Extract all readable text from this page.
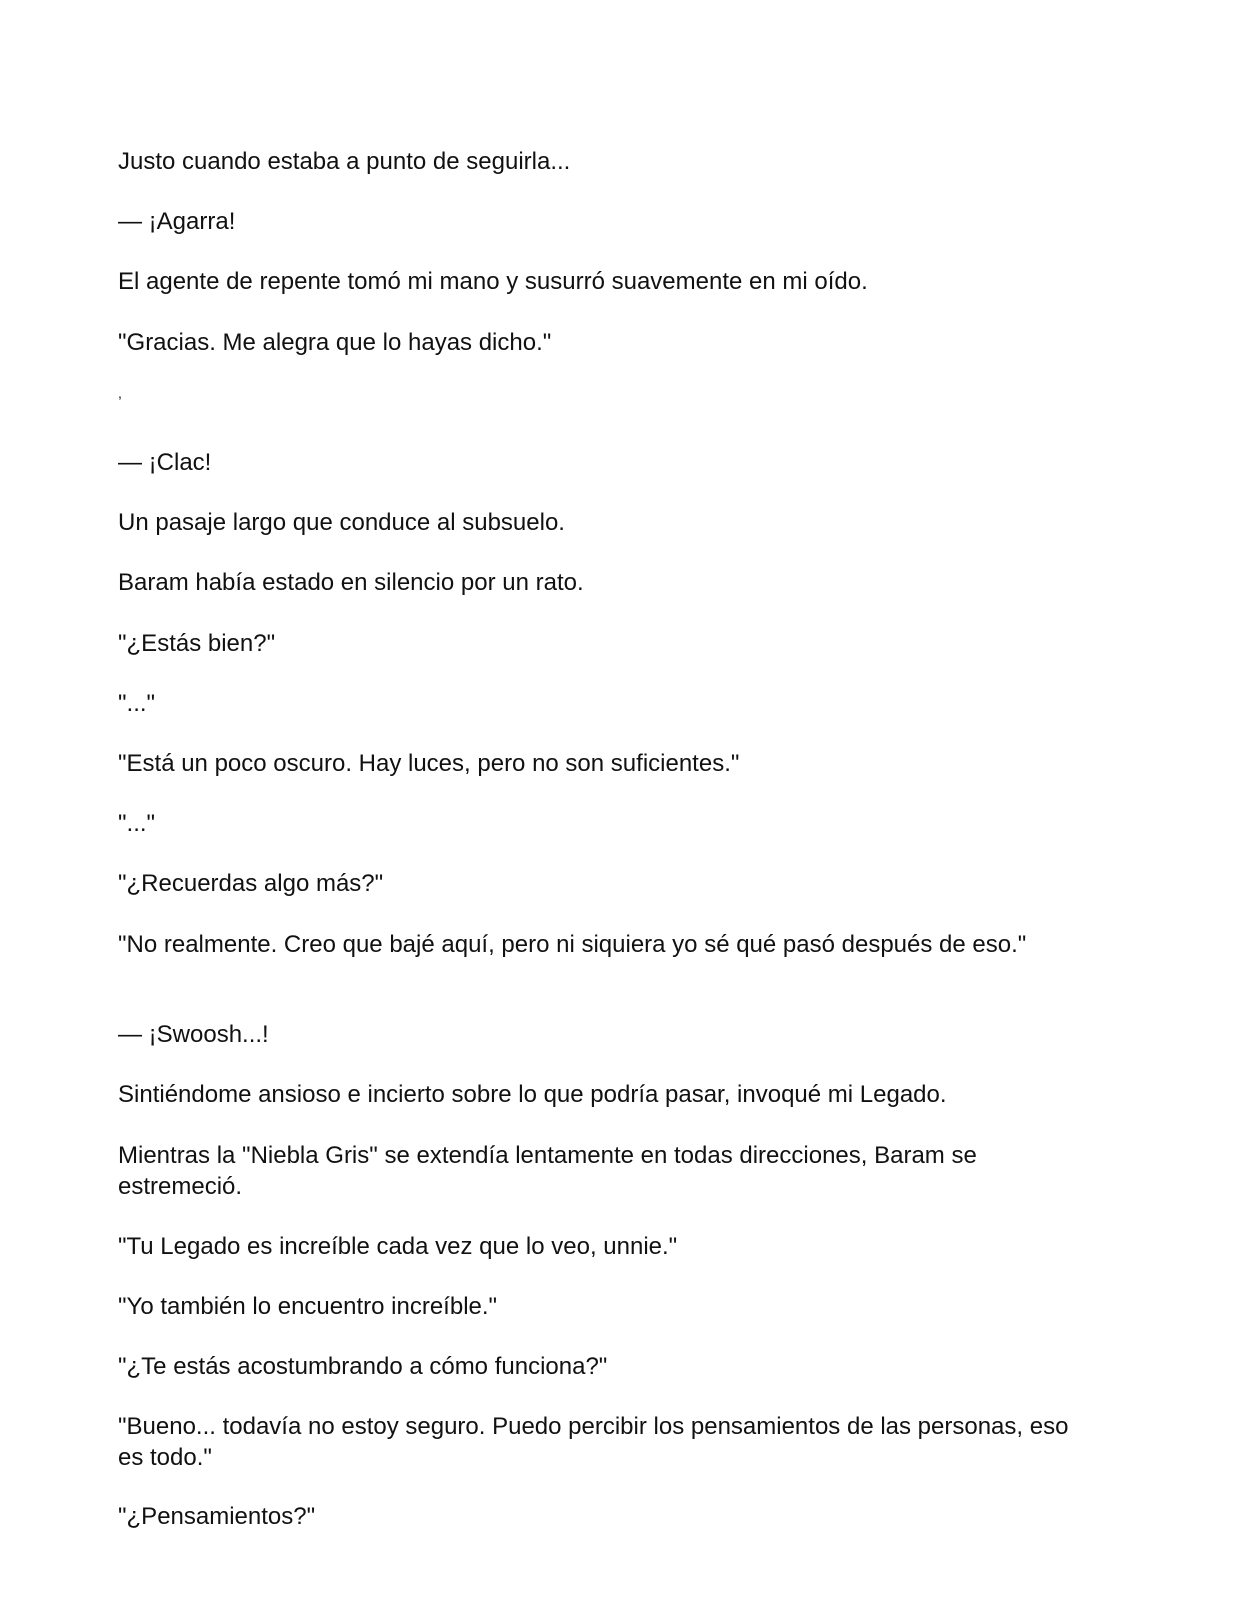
Justo cuando estaba a punto de seguirla...

— ¡Agarra!

El agente de repente tomó mi mano y susurró suavemente en mi oído.

"Gracias. Me alegra que lo hayas dicho."

,

— ¡Clac!

Un pasaje largo que conduce al subsuelo.

Baram había estado en silencio por un rato.

"¿Estás bien?"

"..."

"Está un poco oscuro. Hay luces, pero no son suficientes."

"..."

"¿Recuerdas algo más?"

"No realmente. Creo que bajé aquí, pero ni siquiera yo sé qué pasó después de eso."

— ¡Swoosh...!

Sintiéndome ansioso e incierto sobre lo que podría pasar, invoqué mi Legado.

Mientras la "Niebla Gris" se extendía lentamente en todas direcciones, Baram se estremeció.

"Tu Legado es increíble cada vez que lo veo, unnie."

"Yo también lo encuentro increíble."

"¿Te estás acostumbrando a cómo funciona?"

"Bueno... todavía no estoy seguro. Puedo percibir los pensamientos de las personas, eso es todo."

"¿Pensamientos?"
